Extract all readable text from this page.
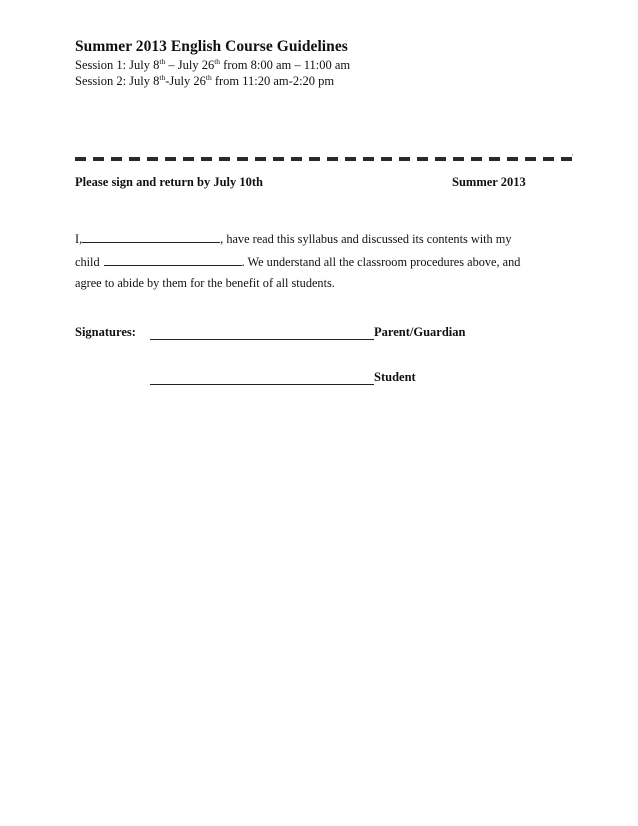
Summer 2013 English Course Guidelines
Session 1: July 8th – July 26th from 8:00 am – 11:00 am
Session 2: July 8th-July 26th from 11:20 am-2:20 pm
'
Please sign and return by July 10th	Summer 2013
I,	, have read this syllabus and discussed its contents with my
child	. We understand all the classroom procedures above, and
agree to abide by them for the benefit of all students.
Signatures:	Parent/Guardian
Student
